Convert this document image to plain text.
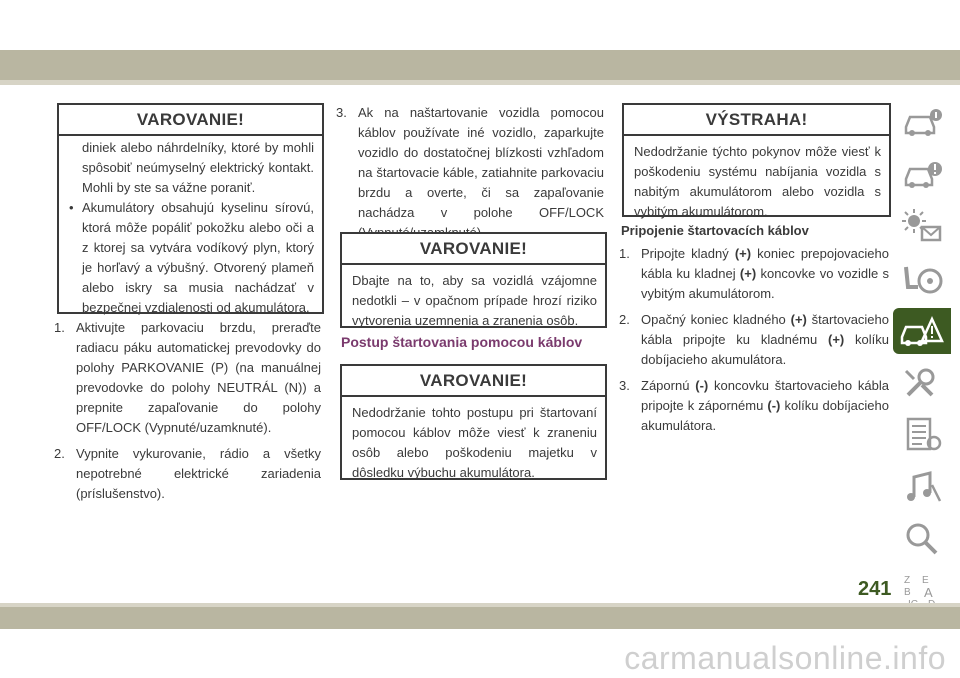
VAROVANIE!

diniek alebo náhrdelníky, ktoré by mohli spôsobiť neúmyselný elektrický kontakt. Mohli by ste sa vážne poraniť.

• Akumulátory obsahujú kyselinu sírovú, ktorá môže popáliť pokožku alebo oči a z ktorej sa vytvára vodíkový plyn, ktorý je horľavý a výbušný. Otvorený plameň alebo iskry sa musia nachádzať v bezpečnej vzdialenosti od akumulátora.

1. Aktivujte parkovaciu brzdu, preraďte radiacu páku automatickej prevodovky do polohy PARKOVANIE (P) (na manuálnej prevodovke do polohy NEUTRÁL (N)) a prepnite zapaľovanie do polohy OFF/LOCK (Vypnuté/uzamknuté).
2. Vypnite vykurovanie, rádio a všetky nepotrebné elektrické zariadenia (príslušenstvo).
3. Ak na naštartovanie vozidla pomocou káblov používate iné vozidlo, zaparkujte vozidlo do dostatočnej blízkosti vzhľadom na štartovacie káble, zatiahnite parkovaciu brzdu a overte, či sa zapaľovanie nachádza v polohe OFF/LOCK
VAROVANIE!
Dbajte na to, aby sa vozidlá vzájomne nedotkli – v opačnom prípade hrozí riziko vytvorenia uzemnenia a zranenia osôb.
Postup štartovania pomocou káblov
VAROVANIE!
Nedodržanie tohto postupu pri štartovaní pomocou káblov môže viesť k zraneniu osôb alebo poškodeniu majetku v dôsledku výbuchu akumulátora.
VÝSTRAHA!
Nedodržanie týchto pokynov môže viesť k poškodeniu systému nabíjania vozidla s nabitým akumulátorom alebo vozidla s vybitým akumulátorom.
Pripojenie štartovacích káblov
1. Pripojte kladný (+) koniec prepojovacieho kábla ku kladnej (+) koncovke vo vozidle s vybitým akumulátorom.
2. Opačný koniec kladného (+) štartovacieho kábla pripojte ku kladnému (+) kolíku dobíjacieho akumulátora.
3. Zápornú (-) koncovku štartovacieho kábla pripojte k zápornému (-) kolíku dobíjacieho akumulátora.
Z E
B A
241
carmanualsonline.info
